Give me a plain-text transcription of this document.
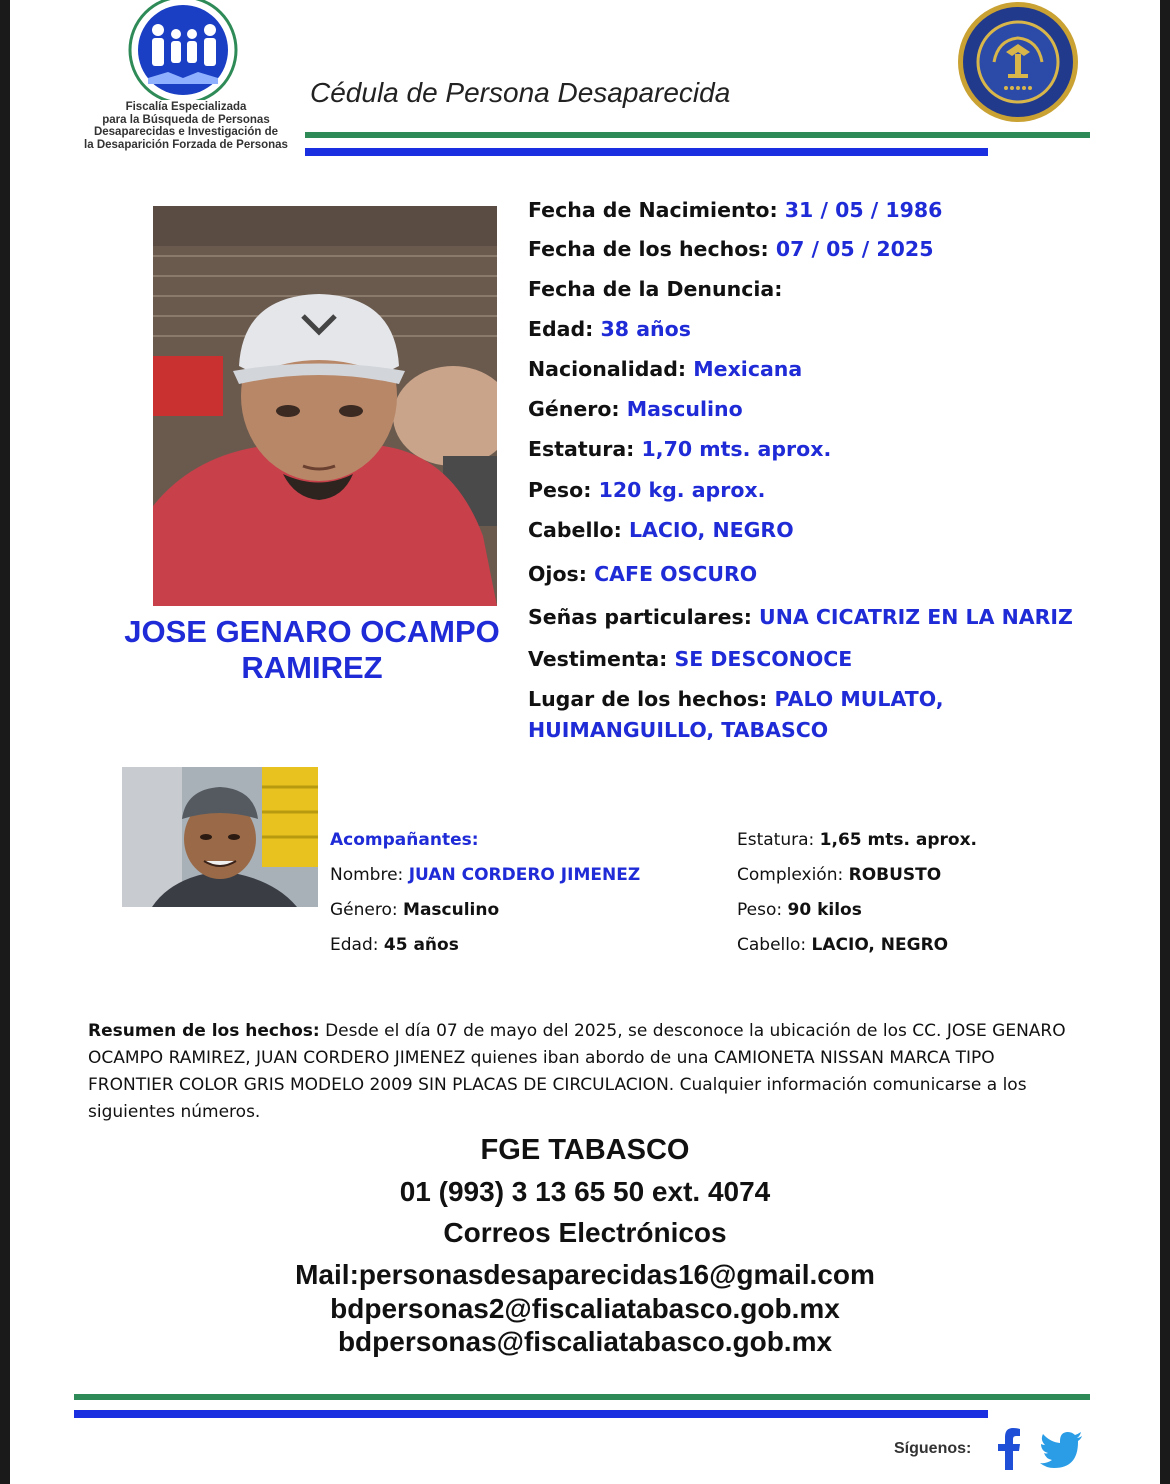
Fiscalía Especializada
para la Búsqueda de Personas
Desaparecidas e Investigación de
la Desaparición Forzada de Personas
Cédula de Persona Desaparecida
JOSE GENARO OCAMPO
RAMIREZ
Fecha de Nacimiento: 31 / 05 / 1986
Fecha de los hechos: 07 / 05 / 2025
Fecha de la Denuncia:
Edad: 38 años
Nacionalidad: Mexicana
Género: Masculino
Estatura: 1,70 mts. aprox.
Peso: 120 kg. aprox.
Cabello: LACIO, NEGRO
Ojos: CAFE OSCURO
Señas particulares: UNA CICATRIZ EN LA NARIZ
Vestimenta: SE DESCONOCE
Lugar de los hechos: PALO MULATO,
HUIMANGUILLO, TABASCO
Acompañantes:
Nombre: JUAN CORDERO JIMENEZ
Género: Masculino
Edad: 45 años
Estatura: 1,65 mts. aprox.
Complexión: ROBUSTO
Peso: 90 kilos
Cabello: LACIO, NEGRO
Resumen de los hechos: Desde el día 07 de mayo del 2025, se desconoce la ubicación de los CC. JOSE GENARO OCAMPO RAMIREZ, JUAN CORDERO JIMENEZ quienes iban abordo de una CAMIONETA NISSAN MARCA TIPO FRONTIER COLOR GRIS MODELO 2009 SIN PLACAS DE CIRCULACION. Cualquier información comunicarse a los siguientes números.
FGE TABASCO
01 (993) 3 13 65 50 ext. 4074
Correos Electrónicos
Mail:personasdesaparecidas16@gmail.com
bdpersonas2@fiscaliatabasco.gob.mx
bdpersonas@fiscaliatabasco.gob.mx
Síguenos:
